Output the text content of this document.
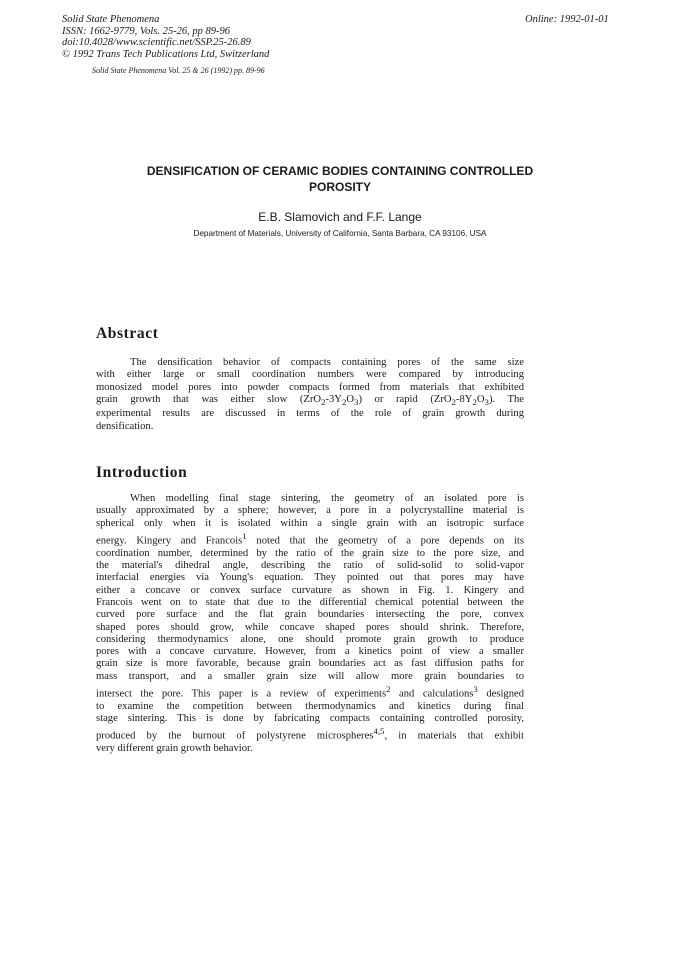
Solid State Phenomena
ISSN: 1662-9779, Vols. 25-26, pp 89-96
doi:10.4028/www.scientific.net/SSP.25-26.89
© 1992 Trans Tech Publications Ltd, Switzerland
Online: 1992-01-01
Solid State Phenomena Vol. 25 & 26 (1992) pp. 89-96
DENSIFICATION OF CERAMIC BODIES CONTAINING CONTROLLED
POROSITY
E.B. Slamovich and F.F. Lange
Department of Materials, University of California, Santa Barbara, CA 93106, USA
Abstract
The densification behavior of compacts containing pores of the same size
with either large or small coordination numbers were compared by introducing
monosized model pores into powder compacts formed from materials that exhibited
grain growth that was either slow $(ZrO_2-3Y_2O_3)$ or rapid $(ZrO_2-8Y_2O_3)$. The
experimental results are discussed in terms of the role of grain growth during
densification.
Introduction
When modelling final stage sintering, the geometry of an isolated pore is
usually approximated by a sphere; however, a pore in a polycrystalline material is
spherical only when it is isolated within a single grain with an isotropic surface
energy. Kingery and Francois$^1$ noted that the geometry of a pore depends on its
coordination number, determined by the ratio of the grain size to the pore size, and
the material's dihedral angle, describing the ratio of solid-solid to solid-vapor
interfacial energies via Young's equation. They pointed out that pores may have
either a concave or convex surface curvature as shown in Fig. 1. Kingery and
Francois went on to state that due to the differential chemical potential between the
curved pore surface and the flat grain boundaries intersecting the pore, convex
shaped pores should grow, while concave shaped pores should shrink. Therefore,
considering thermodynamics alone, one should promote grain growth to produce
pores with a concave curvature. However, from a kinetics point of view a smaller
grain size is more favorable, because grain boundaries act as fast diffusion paths for
mass transport, and a smaller grain size will allow more grain boundaries to
intersect the pore. This paper is a review of experiments$^2$ and calculations$^3$ designed
to examine the competition between thermodynamics and kinetics during final
stage sintering. This is done by fabricating compacts containing controlled porosity,
produced by the burnout of polystyrene microspheres$^{4,5}$, in materials that exhibit
very different grain growth behavior.
